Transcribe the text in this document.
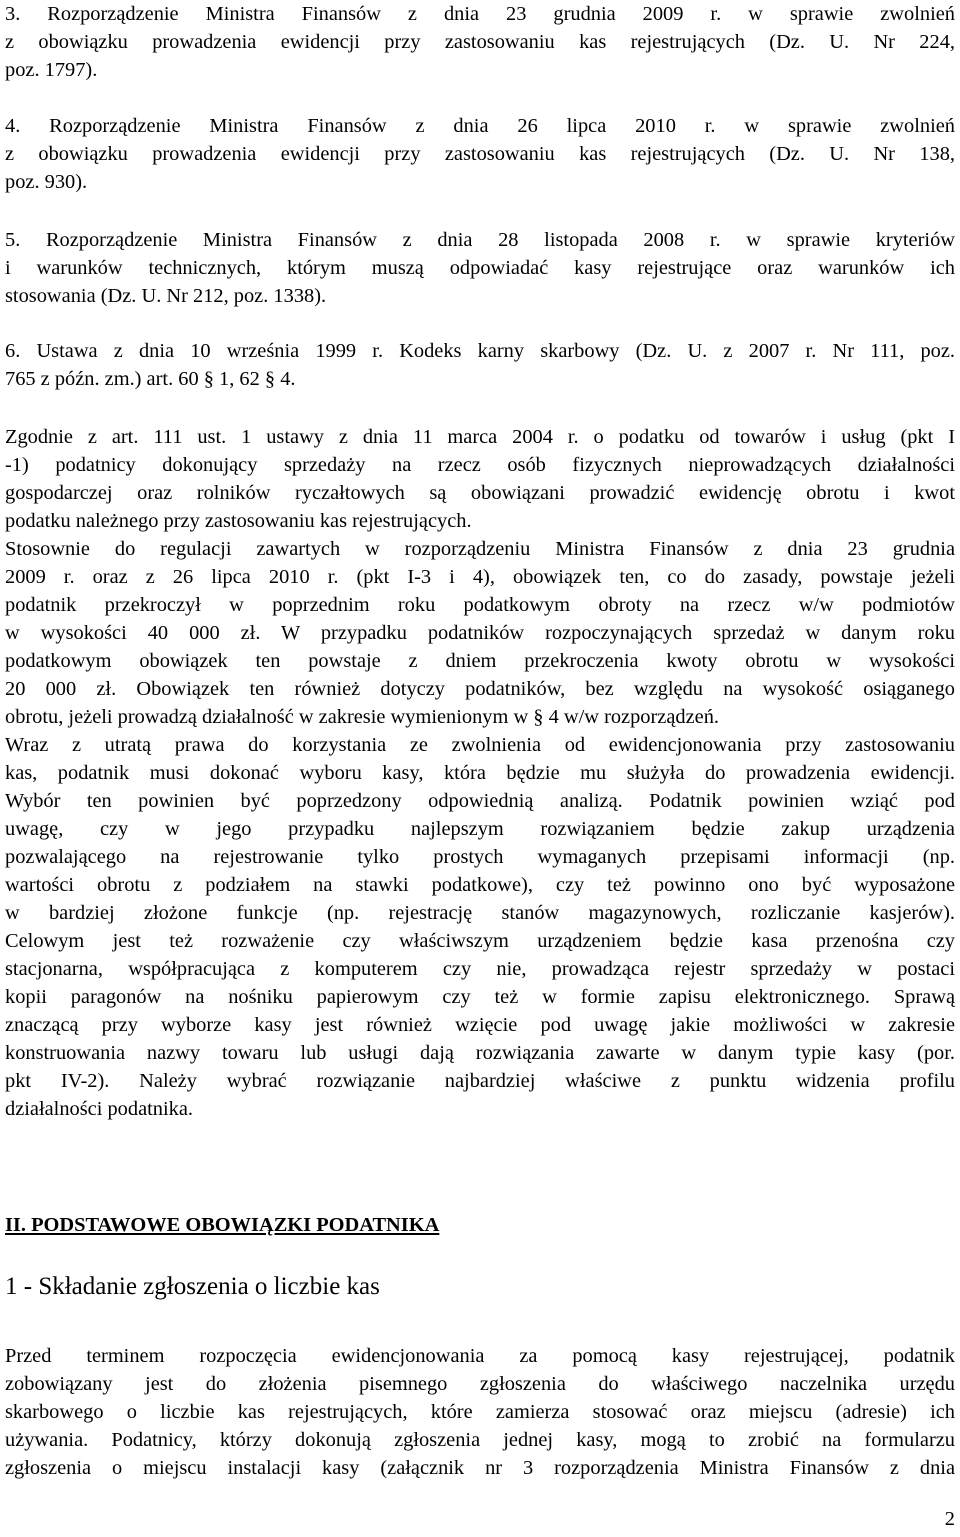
3. Rozporządzenie Ministra Finansów z dnia 23 grudnia 2009 r. w sprawie zwolnień
z obowiązku prowadzenia ewidencji przy zastosowaniu kas rejestrujących (Dz. U. Nr 224,
poz. 1797).
4. Rozporządzenie Ministra Finansów z dnia 26 lipca 2010 r. w sprawie zwolnień
z obowiązku prowadzenia ewidencji przy zastosowaniu kas rejestrujących (Dz. U. Nr 138,
poz. 930).
5. Rozporządzenie Ministra Finansów z dnia 28 listopada 2008 r. w sprawie kryteriów
i warunków technicznych, którym muszą odpowiadać kasy rejestrujące oraz warunków ich
stosowania (Dz. U. Nr 212, poz. 1338).
6. Ustawa z dnia 10 września 1999 r. Kodeks karny skarbowy (Dz. U. z 2007 r. Nr 111, poz.
765 z późn. zm.) art. 60 § 1, 62 § 4.
Zgodnie z art. 111 ust. 1 ustawy z dnia 11 marca 2004 r. o podatku od towarów i usług (pkt I
-1) podatnicy dokonujący sprzedaży na rzecz osób fizycznych nieprowadzących działalności
gospodarczej oraz rolników ryczałtowych są obowiązani prowadzić ewidencję obrotu i kwot
podatku należnego przy zastosowaniu kas rejestrujących.
Stosownie do regulacji zawartych w rozporządzeniu Ministra Finansów z dnia 23 grudnia
2009 r. oraz z 26 lipca 2010 r. (pkt I-3 i 4), obowiązek ten, co do zasady, powstaje jeżeli
podatnik przekroczył w poprzednim roku podatkowym obroty na rzecz w/w podmiotów
w wysokości 40 000 zł. W przypadku podatników rozpoczynających sprzedaż w danym roku
podatkowym obowiązek ten powstaje z dniem przekroczenia kwoty obrotu w wysokości
20 000 zł. Obowiązek ten również dotyczy podatników, bez względu na wysokość osiąganego
obrotu, jeżeli prowadzą działalność w zakresie wymienionym w § 4 w/w rozporządzeń.
Wraz z utratą prawa do korzystania ze zwolnienia od ewidencjonowania przy zastosowaniu
kas, podatnik musi dokonać wyboru kasy, która będzie mu służyła do prowadzenia ewidencji.
Wybór ten powinien być poprzedzony odpowiednią analizą. Podatnik powinien wziąć pod
uwagę, czy w jego przypadku najlepszym rozwiązaniem będzie zakup urządzenia
pozwalającego na rejestrowanie tylko prostych wymaganych przepisami informacji (np.
wartości obrotu z podziałem na stawki podatkowe), czy też powinno ono być wyposażone
w bardziej złożone funkcje (np. rejestrację stanów magazynowych, rozliczanie kasjerów).
Celowym jest też rozważenie czy właściwszym urządzeniem będzie kasa przenośna czy
stacjonarna, współpracująca z komputerem czy nie, prowadząca rejestr sprzedaży w postaci
kopii paragonów na nośniku papierowym czy też w formie zapisu elektronicznego. Sprawą
znaczącą przy wyborze kasy jest również wzięcie pod uwagę jakie możliwości w zakresie
konstruowania nazwy towaru lub usługi dają rozwiązania zawarte w danym typie kasy (por.
pkt IV-2). Należy wybrać rozwiązanie najbardziej właściwe z punktu widzenia profilu
działalności podatnika.
II. PODSTAWOWE OBOWIĄZKI PODATNIKA
1 - Składanie zgłoszenia o liczbie kas
Przed terminem rozpoczęcia ewidencjonowania za pomocą kasy rejestrującej, podatnik
zobowiązany jest do złożenia pisemnego zgłoszenia do właściwego naczelnika urzędu
skarbowego o liczbie kas rejestrujących, które zamierza stosować oraz miejscu (adresie) ich
używania. Podatnicy, którzy dokonują zgłoszenia jednej kasy, mogą to zrobić na formularzu
zgłoszenia o miejscu instalacji kasy (załącznik nr 3 rozporządzenia Ministra Finansów z dnia
2
